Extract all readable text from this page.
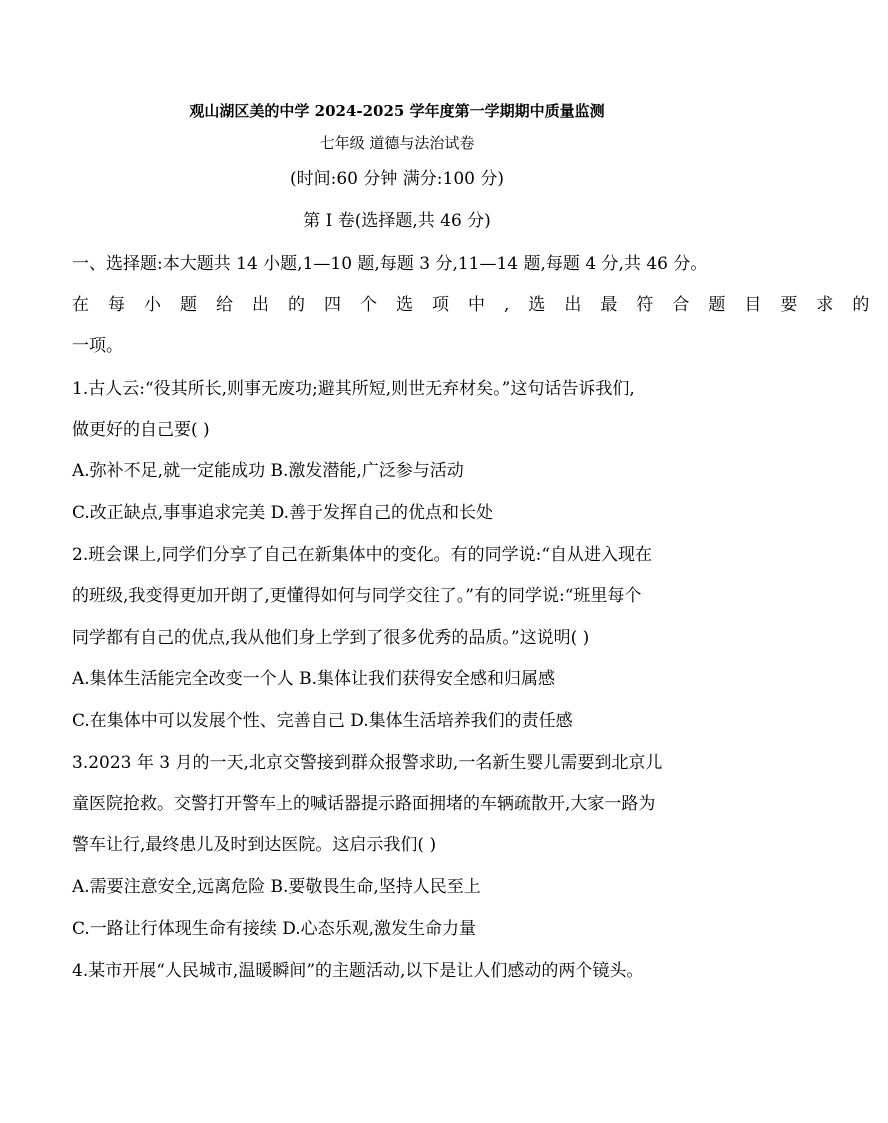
观山湖区美的中学 2024-2025 学年度第一学期期中质量监测
七年级 道德与法治试卷
(时间:60 分钟 满分:100 分)
第 I 卷(选择题,共 46 分)
一、选择题:本大题共 14 小题,1—10 题,每题 3 分,11—14 题,每题 4 分,共 46 分。
在每小题给出的四个选项中,选出最符合题目要求的
一项。
1.古人云:“役其所长,则事无废功;避其所短,则世无弃材矣。”这句话告诉我们,
做更好的自己要( )
A.弥补不足,就一定能成功 B.激发潜能,广泛参与活动
C.改正缺点,事事追求完美 D.善于发挥自己的优点和长处
2.班会课上,同学们分享了自己在新集体中的变化。有的同学说:“自从进入现在
的班级,我变得更加开朗了,更懂得如何与同学交往了。”有的同学说:“班里每个
同学都有自己的优点,我从他们身上学到了很多优秀的品质。”这说明( )
A.集体生活能完全改变一个人 B.集体让我们获得安全感和归属感
C.在集体中可以发展个性、完善自己 D.集体生活培养我们的责任感
3.2023 年 3 月的一天,北京交警接到群众报警求助,一名新生婴儿需要到北京儿
童医院抢救。交警打开警车上的喊话器提示路面拥堵的车辆疏散开,大家一路为
警车让行,最终患儿及时到达医院。这启示我们( )
A.需要注意安全,远离危险 B.要敬畏生命,坚持人民至上
C.一路让行体现生命有接续 D.心态乐观,激发生命力量
4.某市开展“人民城市,温暖瞬间”的主题活动,以下是让人们感动的两个镜头。
